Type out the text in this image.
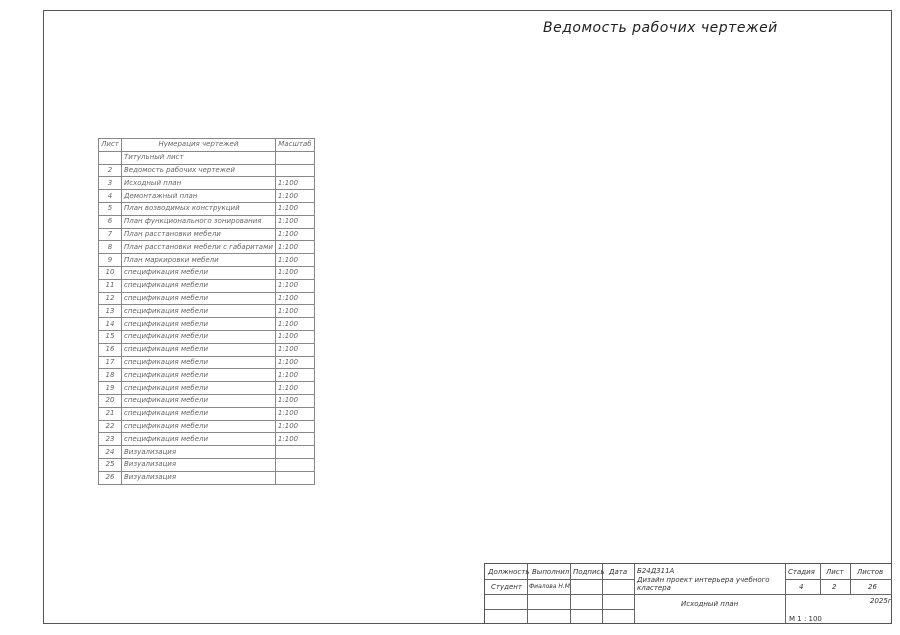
Ведомость рабочих чертежей
Лист	Нумерация чертежей	Масштаб
	Титульный лист	
2	Ведомость рабочих чертежей	
3	Исходный план	1:100
4	Демонтажный план	1:100
5	План возводимых конструкций	1:100
6	План функционального зонирования	1:100
7	План расстановки мебели	1:100
8	План расстановки мебели с габаритами	1:100
9	План маркировки мебели	1:100
10	спецификация мебели	1:100
11	спецификация мебели	1:100
12	спецификация мебели	1:100
13	спецификация мебели	1:100
14	спецификация мебели	1:100
15	спецификация мебели	1:100
16	спецификация мебели	1:100
17	спецификация мебели	1:100
18	спецификация мебели	1:100
19	спецификация мебели	1:100
20	спецификация мебели	1:100
21	спецификация мебели	1:100
22	спецификация мебели	1:100
23	спецификация мебели	1:100
24	Визуализация	
25	Визуализация	
26	Визуализация	
Должность Выполнил Подпись Дата
Студент Фиалова Н.М.
Б24Д311А
Дизайн проект интерьера учебного кластера
Стадия Лист Листов
4	2	26
Исходный план	2025г
М 1 : 100
